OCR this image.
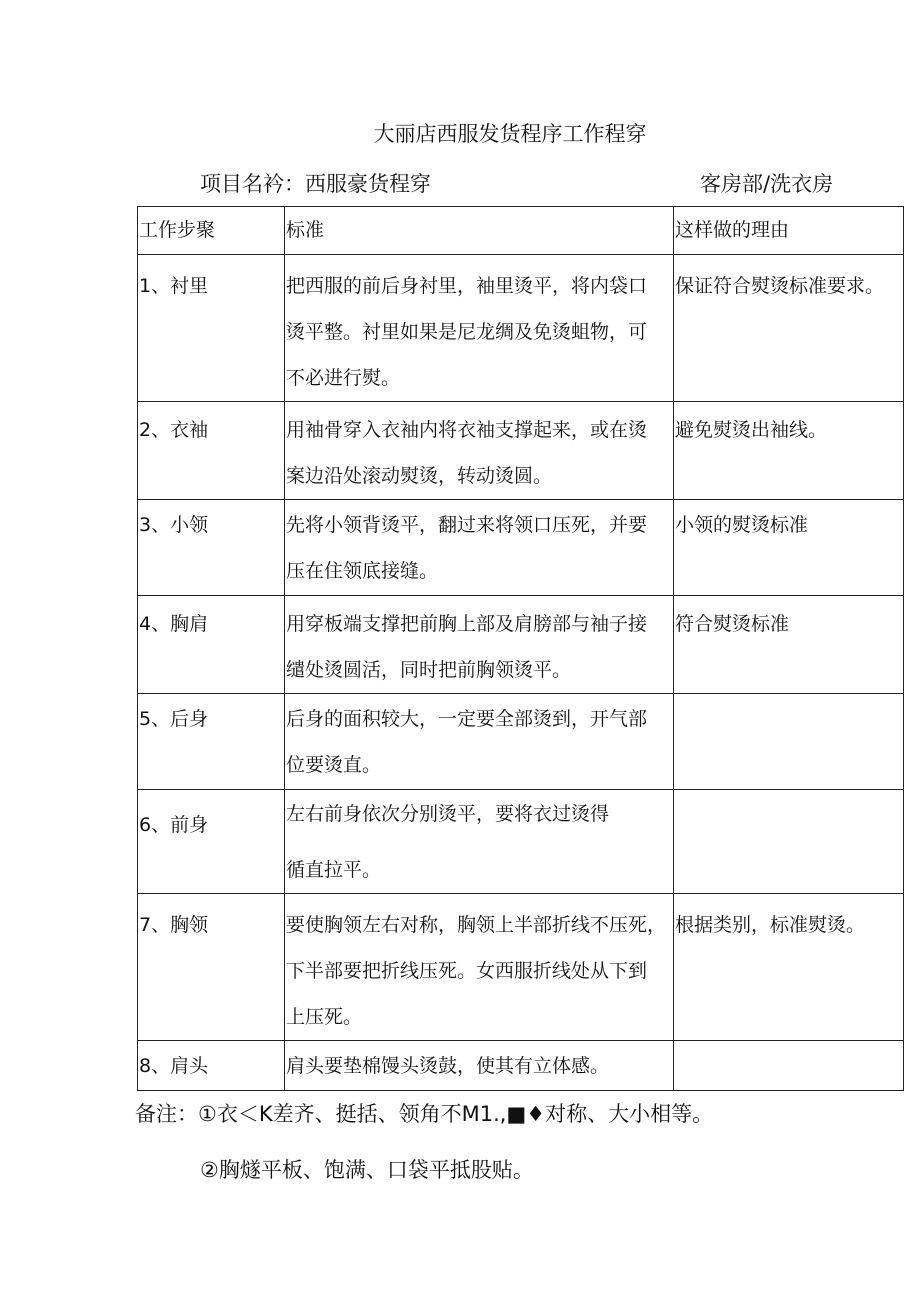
大丽店西服发货程序工作程穿
项目名衿：西服豪货程穿	客房部/洗衣房
工作步聚	标准	这样做的理由
1、衬里	把西服的前后身衬里，袖里烫平，将内袋口
烫平整。衬里如果是尼龙绸及免烫蛆物，可
不必进行熨。	保证符合熨烫标准要求。

2、衣袖	用袖骨穿入衣袖内将衣袖支撑起来，或在烫
案边沿处滚动熨烫，转动烫圆。	避免熨烫出袖线。

3、小领	先将小领背烫平，翻过来将领口压死，并要
压在住领底接缝。	小领的熨烫标准

4、胸肩	用穿板端支撑把前胸上部及肩膀部与袖子接
缱处烫圆活，同时把前胸领烫平。	符合熨烫标准

5、后身	后身的面积较大，一定要全部烫到，开气部
位要烫直。	

6、前身	左右前身依次分别烫平，要将衣过烫得
循直拉平。	

7、胸领	要使胸领左右对称，胸领上半部折线不压死，
下半部要把折线压死。女西服折线处从下到
上压死。	根据类别，标准熨烫。

8、肩头	肩头要垫棉馒头烫鼓，使其有立体感。	

备注：①衣＜K差齐、挺括、领角不M1.,■♦对称、大小相等。
②胸燧平板、饱满、口袋平抵股贴。
